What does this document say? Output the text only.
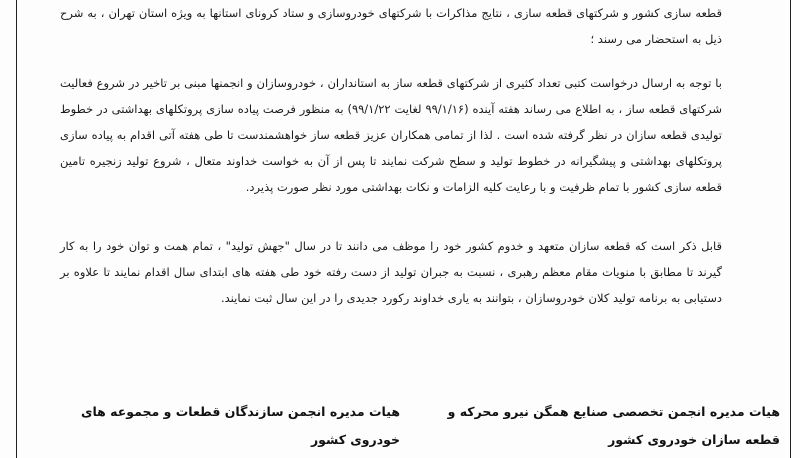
قطعه سازی کشور و شرکتهای قطعه سازی ، نتایج مذاکرات با شرکتهای خودروسازی و ستاد کرونای استانها به ویژه استان تهران ، به شرح ذیل به استحضار می رسند ؛
با توجه به ارسال درخواست کتبی تعداد کثیری از شرکتهای قطعه ساز به استانداران ، خودروسازان و انجمنها مبنی بر تاخیر در شروع فعالیت شرکتهای قطعه ساز ، به اطلاع می رساند هفته آینده (۹۹/۱/۱۶ لغایت ۹۹/۱/۲۲) به منظور فرصت پیاده سازی پروتکلهای بهداشتی در خطوط تولیدی قطعه سازان در نظر گرفته شده است . لذا از تمامی همکاران عزیز قطعه ساز خواهشمندست تا طی هفته آتی اقدام به پیاده سازی پروتکلهای بهداشتی و پیشگیرانه در خطوط تولید و سطح شرکت نمایند تا پس از آن به خواست خداوند متعال ، شروع تولید زنجیره تامین قطعه سازی کشور با تمام ظرفیت و با رعایت کلیه الزامات و نکات بهداشتی مورد نظر صورت پذیرد.
قابل ذکر است که قطعه سازان متعهد و خدوم کشور خود را موظف می دانند تا در سال "جهش تولید" ، تمام همت و توان خود را به کار گیرند تا مطابق با منویات مقام معظم رهبری ، نسبت به جبران تولید از دست رفته خود طی هفته های ابتدای سال اقدام نمایند تا علاوه بر دستیابی به برنامه تولید کلان خودروسازان ، بتوانند به یاری خداوند رکورد جدیدی را در این سال ثبت نمایند.
هیات مدیره انجمن تخصصی صنایع همگن نیرو محرکه و قطعه سازان خودروی کشور
هیات مدیره انجمن سازندگان قطعات و مجموعه های خودروی کشور
